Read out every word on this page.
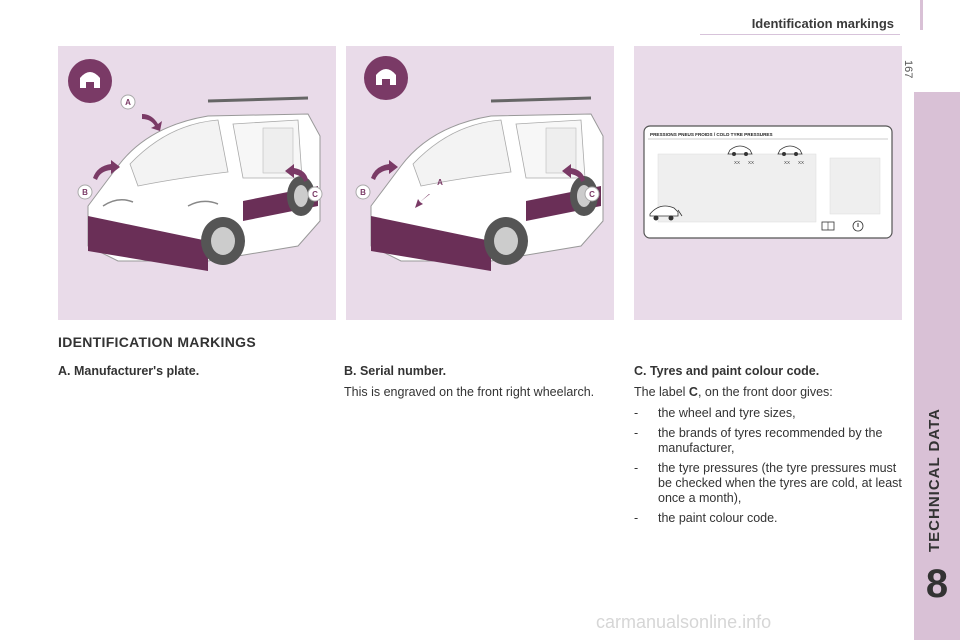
Identification markings
167
TECHNICAL DATA
8
A
B	C
A
B	C
PRESSIONS PNEUS FROIDS / COLD TYRE PRESSURES
XX XX	XX XX
IDENTIFICATION MARKINGS
A. Manufacturer's plate.	B. Serial number.

This is engraved on the front right wheelarch.

C. Tyres and paint colour code.

The label C, on the front door gives:

- the wheel and tyre sizes,
- the brands of tyres recommended by the manufacturer,
- the tyre pressures (the tyre pressures must be checked when the tyres are cold, at least once a month),
- the paint colour code.
carmanualsonline.info
